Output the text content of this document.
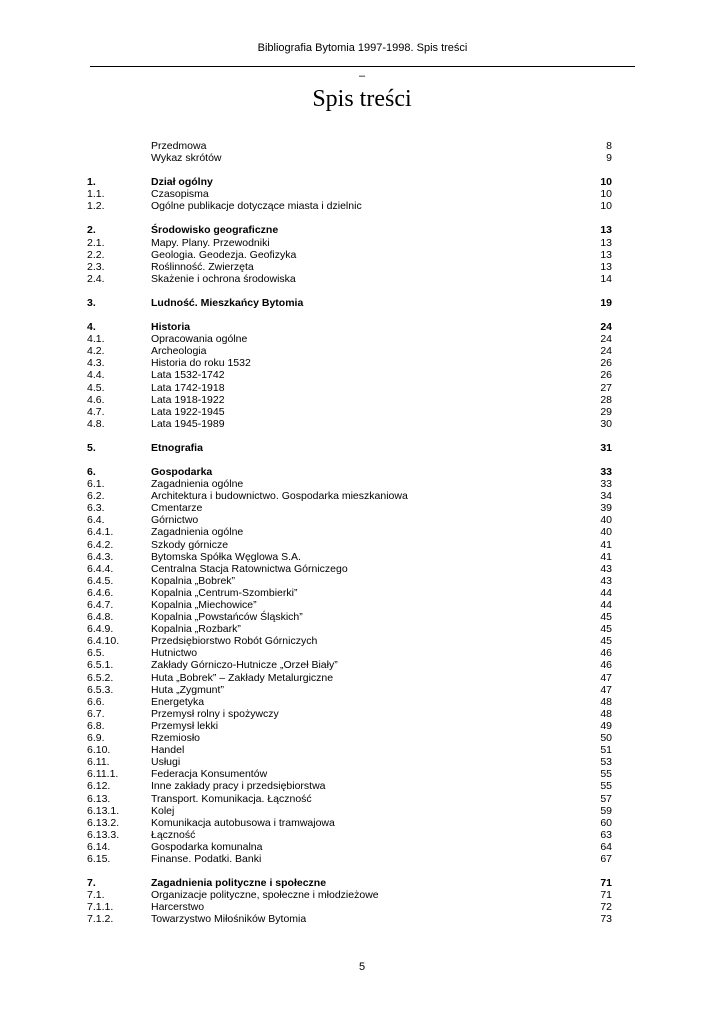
Bibliografia Bytomia 1997-1998. Spis treści
–
Spis treści
Przedmowa	8
Wykaz skrótów	9
1.	Dział ogólny	10
1.1.	Czasopisma	10
1.2.	Ogólne publikacje dotyczące miasta i dzielnic	10
2.	Środowisko geograficzne	13
2.1.	Mapy. Plany. Przewodniki	13
2.2.	Geologia. Geodezja. Geofizyka	13
2.3.	Roślinność. Zwierzęta	13
2.4.	Skażenie i ochrona środowiska	14
3.	Ludność. Mieszkańcy Bytomia	19
4.	Historia	24
4.1.	Opracowania ogólne	24
4.2.	Archeologia	24
4.3.	Historia do roku 1532	26
4.4.	Lata 1532-1742	26
4.5.	Lata 1742-1918	27
4.6.	Lata 1918-1922	28
4.7.	Lata 1922-1945	29
4.8.	Lata 1945-1989	30
5.	Etnografia	31
6.	Gospodarka	33
6.1.	Zagadnienia ogólne	33
6.2.	Architektura i budownictwo. Gospodarka mieszkaniowa	34
6.3.	Cmentarze	39
6.4.	Górnictwo	40
6.4.1.	Zagadnienia ogólne	40
6.4.2.	Szkody górnicze	41
6.4.3.	Bytomska Spółka Węglowa S.A.	41
6.4.4.	Centralna Stacja Ratownictwa Górniczego	43
6.4.5.	Kopalnia „Bobrek”	43
6.4.6.	Kopalnia „Centrum-Szombierki”	44
6.4.7.	Kopalnia „Miechowice”	44
6.4.8.	Kopalnia „Powstańców Śląskich”	45
6.4.9.	Kopalnia „Rozbark”	45
6.4.10.	Przedsiębiorstwo Robót Górniczych	45
6.5.	Hutnictwo	46
6.5.1.	Zakłady Górniczo-Hutnicze „Orzeł Biały”	46
6.5.2.	Huta „Bobrek” – Zakłady Metalurgiczne	47
6.5.3.	Huta „Zygmunt”	47
6.6.	Energetyka	48
6.7.	Przemysł rolny i spożywczy	48
6.8.	Przemysł lekki	49
6.9.	Rzemiosło	50
6.10.	Handel	51
6.11.	Usługi	53
6.11.1.	Federacja Konsumentów	55
6.12.	Inne zakłady pracy i przedsiębiorstwa	55
6.13.	Transport. Komunikacja. Łączność	57
6.13.1.	Kolej	59
6.13.2.	Komunikacja autobusowa i tramwajowa	60
6.13.3.	Łączność	63
6.14.	Gospodarka komunalna	64
6.15.	Finanse. Podatki. Banki	67
7.	Zagadnienia polityczne i społeczne	71
7.1.	Organizacje polityczne, społeczne i młodzieżowe	71
7.1.1.	Harcerstwo	72
7.1.2.	Towarzystwo Miłośników Bytomia	73
5
